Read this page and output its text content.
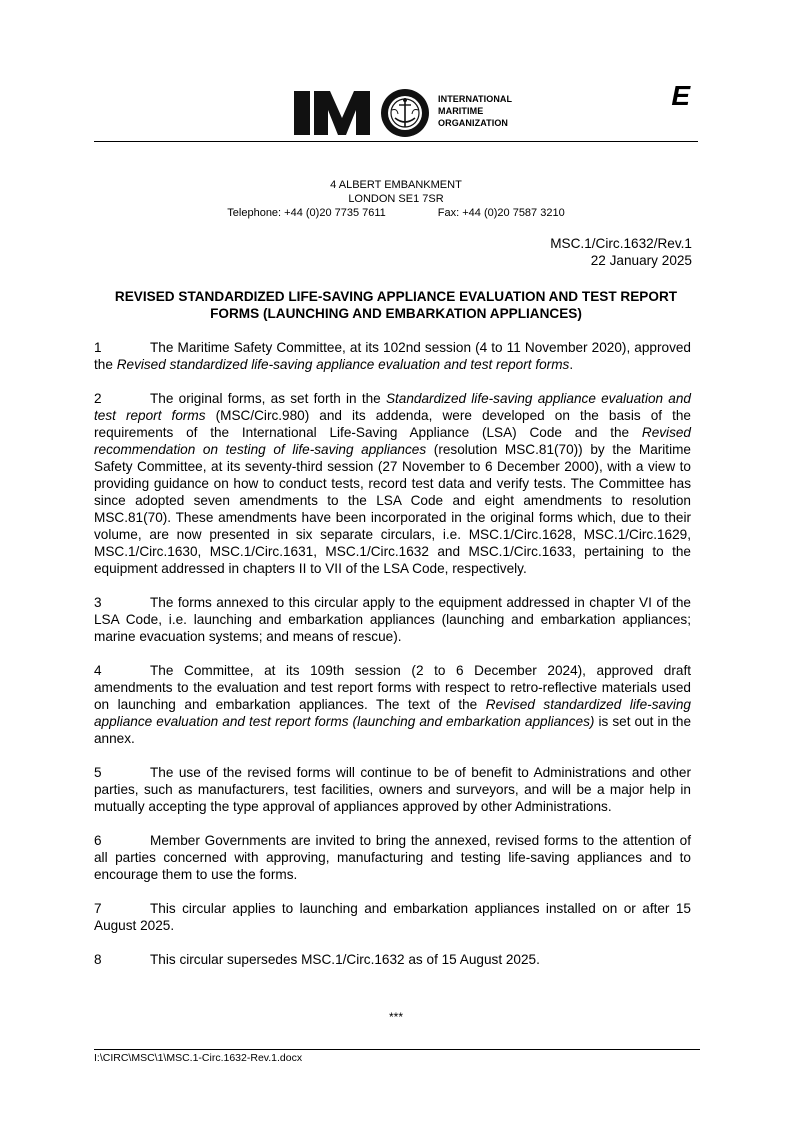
INTERNATIONAL
MARITIME
ORGANIZATION
E
4 ALBERT EMBANKMENT
LONDON SE1 7SR
Telephone: +44 (0)20 7735 7611	Fax: +44 (0)20 7587 3210
MSC.1/Circ.1632/Rev.1
22 January 2025
REVISED STANDARDIZED LIFE-SAVING APPLIANCE EVALUATION AND TEST REPORT FORMS (LAUNCHING AND EMBARKATION APPLIANCES)

1	The Maritime Safety Committee, at its 102nd session (4 to 11 November 2020), approved the Revised standardized life-saving appliance evaluation and test report forms.

2	The original forms, as set forth in the Standardized life-saving appliance evaluation and test report forms (MSC/Circ.980) and its addenda, were developed on the basis of the requirements of the International Life-Saving Appliance (LSA) Code and the Revised recommendation on testing of life-saving appliances (resolution MSC.81(70)) by the Maritime Safety Committee, at its seventy-third session (27 November to 6 December 2000), with a view to providing guidance on how to conduct tests, record test data and verify tests. The Committee has since adopted seven amendments to the LSA Code and eight amendments to resolution MSC.81(70). These amendments have been incorporated in the original forms which, due to their volume, are now presented in six separate circulars, i.e. MSC.1/Circ.1628, MSC.1/Circ.1629, MSC.1/Circ.1630, MSC.1/Circ.1631, MSC.1/Circ.1632 and MSC.1/Circ.1633, pertaining to the equipment addressed in chapters II to VII of the LSA Code, respectively.

3	The forms annexed to this circular apply to the equipment addressed in chapter VI of the LSA Code, i.e. launching and embarkation appliances (launching and embarkation appliances; marine evacuation systems; and means of rescue).

4	The Committee, at its 109th session (2 to 6 December 2024), approved draft amendments to the evaluation and test report forms with respect to retro-reflective materials used on launching and embarkation appliances. The text of the Revised standardized life-saving appliance evaluation and test report forms (launching and embarkation appliances) is set out in the annex.

5	The use of the revised forms will continue to be of benefit to Administrations and other parties, such as manufacturers, test facilities, owners and surveyors, and will be a major help in mutually accepting the type approval of appliances approved by other Administrations.

6	Member Governments are invited to bring the annexed, revised forms to the attention of all parties concerned with approving, manufacturing and testing life-saving appliances and to encourage them to use the forms.

7	This circular applies to launching and embarkation appliances installed on or after 15 August 2025.

8	This circular supersedes MSC.1/Circ.1632 as of 15 August 2025.

***
I:\CIRC\MSC\1\MSC.1-Circ.1632-Rev.1.docx
